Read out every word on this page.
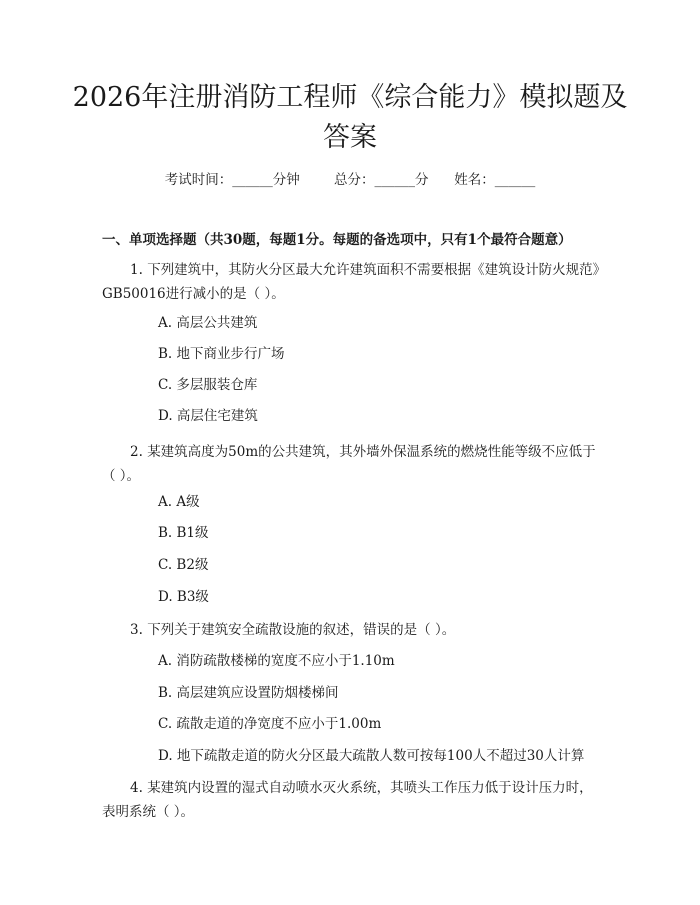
2026年注册消防工程师《综合能力》模拟题及答案
考试时间：______分钟	总分：______分 姓名：______
一、单项选择题（共30题，每题1分。每题的备选项中，只有1个最符合题意）

1. 下列建筑中，其防火分区最大允许建筑面积不需要根据《建筑设计防火规范》GB50016进行减小的是（ ）。

A. 高层公共建筑
B. 地下商业步行广场
C. 多层服装仓库
D. 高层住宅建筑

2. 某建筑高度为50m的公共建筑，其外墙外保温系统的燃烧性能等级不应低于（ ）。

A. A级
B. B1级
C. B2级
D. B3级

3. 下列关于建筑安全疏散设施的叙述，错误的是（ ）。

A. 消防疏散楼梯的宽度不应小于1.10m
B. 高层建筑应设置防烟楼梯间
C. 疏散走道的净宽度不应小于1.00m
D. 地下疏散走道的防火分区最大疏散人数可按每100人不超过30人计算

4. 某建筑内设置的湿式自动喷水灭火系统，其喷头工作压力低于设计压力时，表明系统（ ）。
